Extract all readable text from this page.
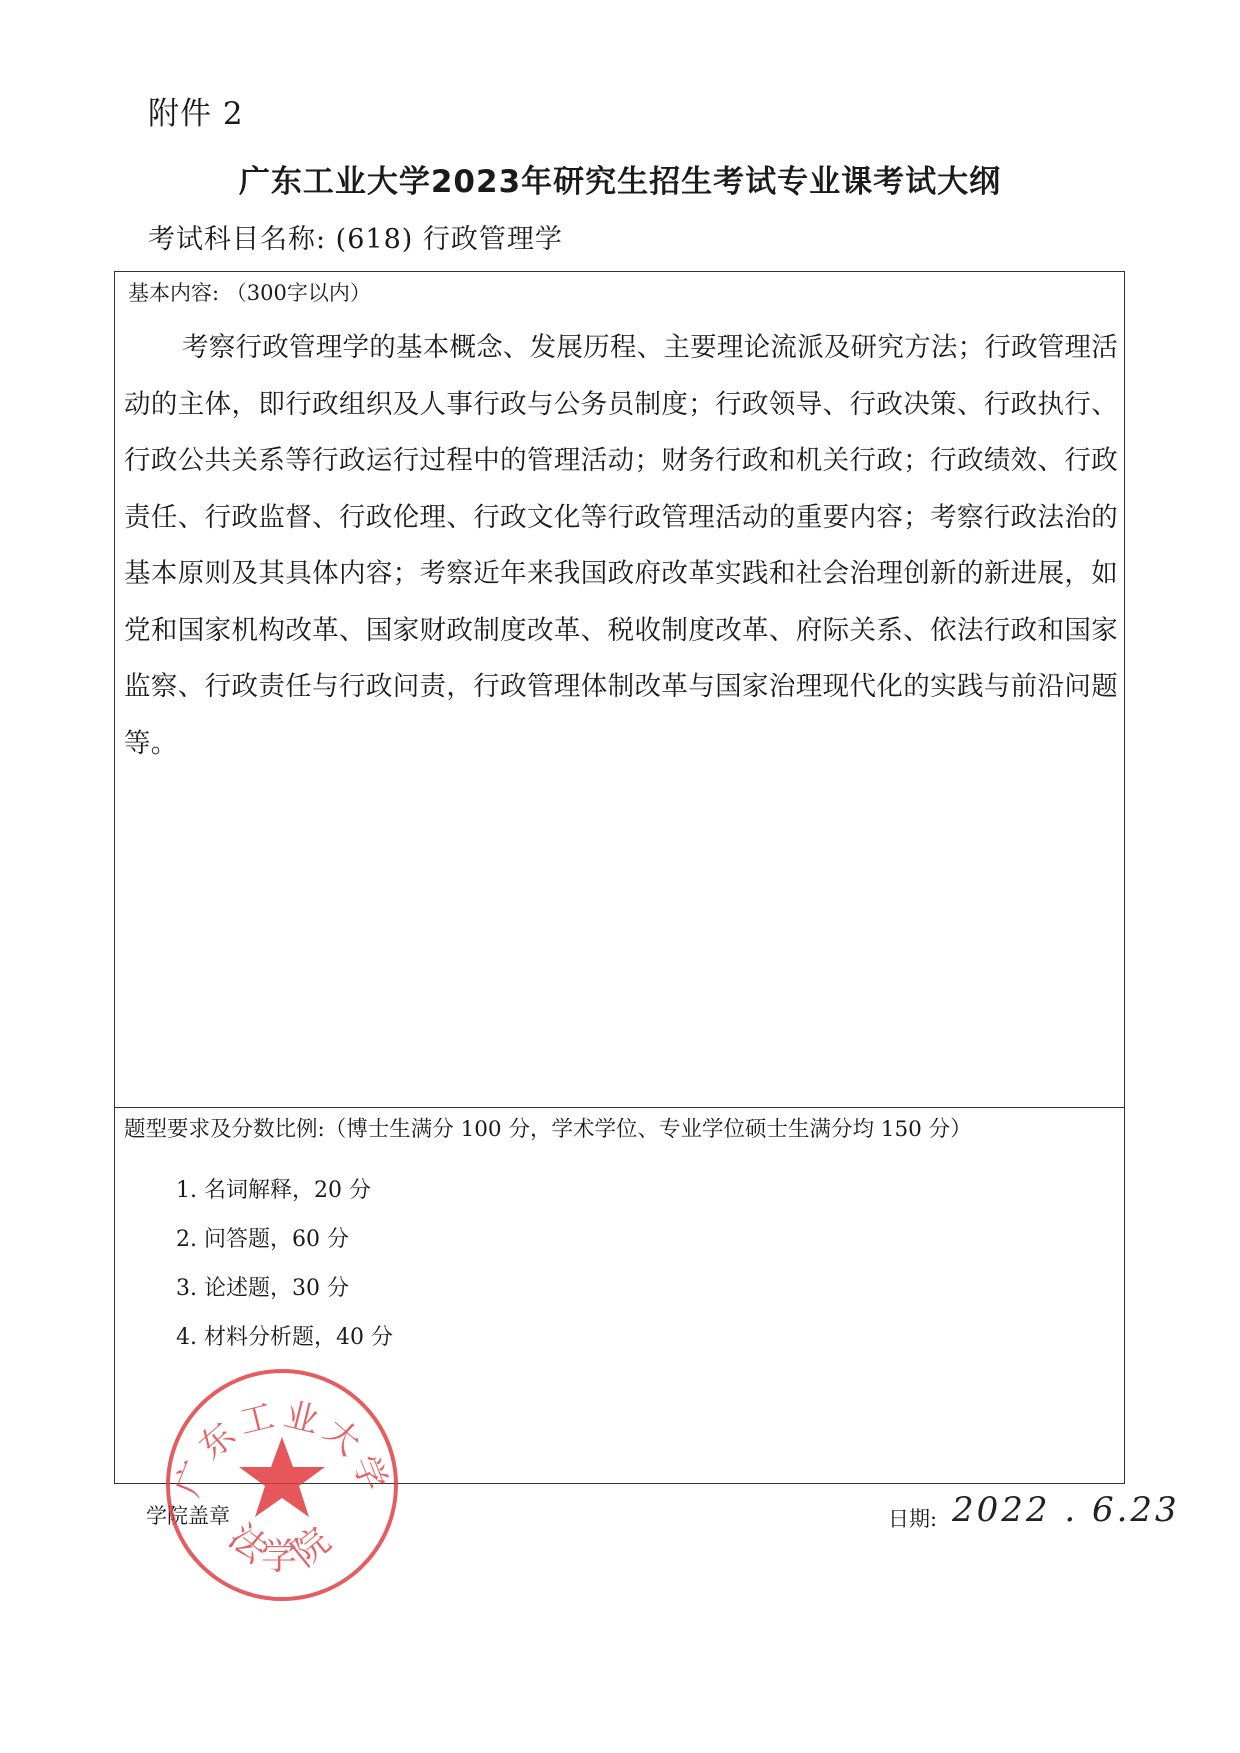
附件 2
广东工业大学2023年研究生招生考试专业课考试大纲
考试科目名称: (618) 行政管理学
基本内容: （300字以内）
考察行政管理学的基本概念、发展历程、主要理论流派及研究方法；行政管理活动的主体，即行政组织及人事行政与公务员制度；行政领导、行政决策、行政执行、行政公共关系等行政运行过程中的管理活动；财务行政和机关行政；行政绩效、行政责任、行政监督、行政伦理、行政文化等行政管理活动的重要内容；考察行政法治的基本原则及其具体内容；考察近年来我国政府改革实践和社会治理创新的新进展，如党和国家机构改革、国家财政制度改革、税收制度改革、府际关系、依法行政和国家监察、行政责任与行政问责，行政管理体制改革与国家治理现代化的实践与前沿问题等。
题型要求及分数比例:（博士生满分 100 分，学术学位、专业学位硕士生满分均 150 分）
1. 名词解释，20 分
2. 问答题，60 分
3. 论述题，30 分
4. 材料分析题，40 分
学院盖章	日期: 2022 . 6.23
广东工业大学
法学院
